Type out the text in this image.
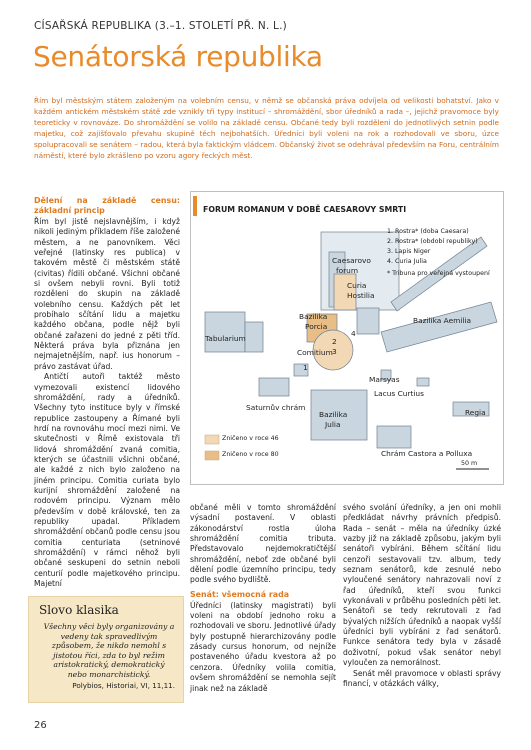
CÍSAŘSKÁ REPUBLIKA (3.–1. STOLETÍ PŘ. N. L.)
Senátorská republika
Řím byl městským státem založeným na volebním censu, v němž se občanská práva odvíjela od velikosti bohatství. Jako v každém antickém městském státě zde vznikly tři typy institucí – shromáždění, sbor úředníků a rada –, jejichž pravomoce byly teoreticky v rovnováze. Do shromáždění se volilo na základě censu. Občané tedy byli rozděleni do jednotlivých setnin podle majetku, což zajišťovalo převahu skupině těch nejbohatších. Úředníci byli voleni na rok a rozhodovali ve sboru, úzce spolupracovali se senátem – radou, která byla faktickým vládcem. Občanský život se odehrával především na Foru, centrálním náměstí, které bylo zkrášleno po vzoru agory řeckých měst.
Dělení na základě censu: základní princip

Řím byl jistě nejslavnějším, i když nikoli jediným příkladem říše založené městem, a ne panovníkem. Věci veřejné (latinsky res publica) v takovém městě či městském státě (civitas) řídili občané. Všichni občané si ovšem nebyli rovni. Byli totiž rozděleni do skupin na základě volebního censu. Každých pět let probíhalo sčítání lidu a majetku každého občana, podle nějž byli občané zařazeni do jedné z pěti tříd. Některá práva byla přiznána jen nejmajetnějším, např. ius honorum – právo zastávat úřad.

Antičtí autoři taktéž město vymezovali existencí lidového shromáždění, rady a úředníků. Všechny tyto instituce byly v římské republice zastoupeny a Římané byli hrdí na rovnováhu mocí mezi nimi. Ve skutečnosti v Římě existovala tři lidová shromáždění zvaná comitia, kterých se účastnili všichni občané, ale každé z nich bylo založeno na jiném principu. Comitia curiata bylo kurijní shromáždění založené na rodovém principu. Význam mělo především v době královské, ten za republiky upadal. Příkladem shromáždění občanů podle censu jsou comitia centuriata (setninové shromáždění) v rámci něhož byli občané seskupeni do setnin neboli centurií podle majetkového principu. Majetní

FORUM ROMANUM V DOBĚ CAESAROVY SMRTI
1. Rostra* (doba Caesara)
2. Rostra* (období republiky)
3. Lapis Niger
4. Curia Julia
* Tribuna pro veřejná vystoupení
Caesarovo
forum
Curia
Hostilia
Bazilika
Porcia
Tabularium
Comitium
Bazilika Aemilia
Marsyas
Lacus Curtius
Saturnův chrám
Bazilika
Julia
Regia
Chrám Castora a Polluxa
1
2
3
4
Zničeno v roce 46
Zničeno v roce 80
50 m

občané měli v tomto shromáždění výsadní postavení. V oblasti zákonodárství rostla úloha shromáždění comitia tributa. Představovalo nejdemokratičtější shromáždění, neboť zde občané byli dělení podle územního principu, tedy podle svého bydliště.

Senát: všemocná rada

Úředníci (latinsky magistrati) byli voleni na období jednoho roku a rozhodovali ve sboru. Jednotlivé úřady byly postupně hierarchizovány podle zásady cursus honorum, od nejníže postaveného úřadu kvestora až po cenzora. Úředníky volila comitia, ovšem shromáždění se nemohla sejít jinak než na základě

svého svolání úředníky, a jen oni mohli předkládat návrhy právních předpisů. Rada – senát – měla na úředníky úzké vazby již na základě způsobu, jakým byli senátoři vybíráni. Během sčítání lidu cenzoři sestavovali tzv. album, tedy seznam senátorů, kde zesnulé nebo vyloučené senátory nahrazovali noví z řad úředníků, kteří svou funkci vykonávali v průběhu posledních pěti let. Senátoři se tedy rekrutovali z řad bývalých nižších úředníků a naopak vyšší úředníci byli vybíráni z řad senátorů. Funkce senátora tedy byla v zásadě doživotní, pokud však senátor nebyl vyloučen za nemorálnost.

Senát měl pravomoce v oblasti správy financí, v otázkách války,

Slovo klasika
Všechny věci byly organizovány a vedeny tak spravedlivým způsobem, že nikdo nemohl s jistotou říci, zda to byl režim aristokratický, demokratický nebo monarchistický.
Polybios, Historiai, VI, 11,11.
26
